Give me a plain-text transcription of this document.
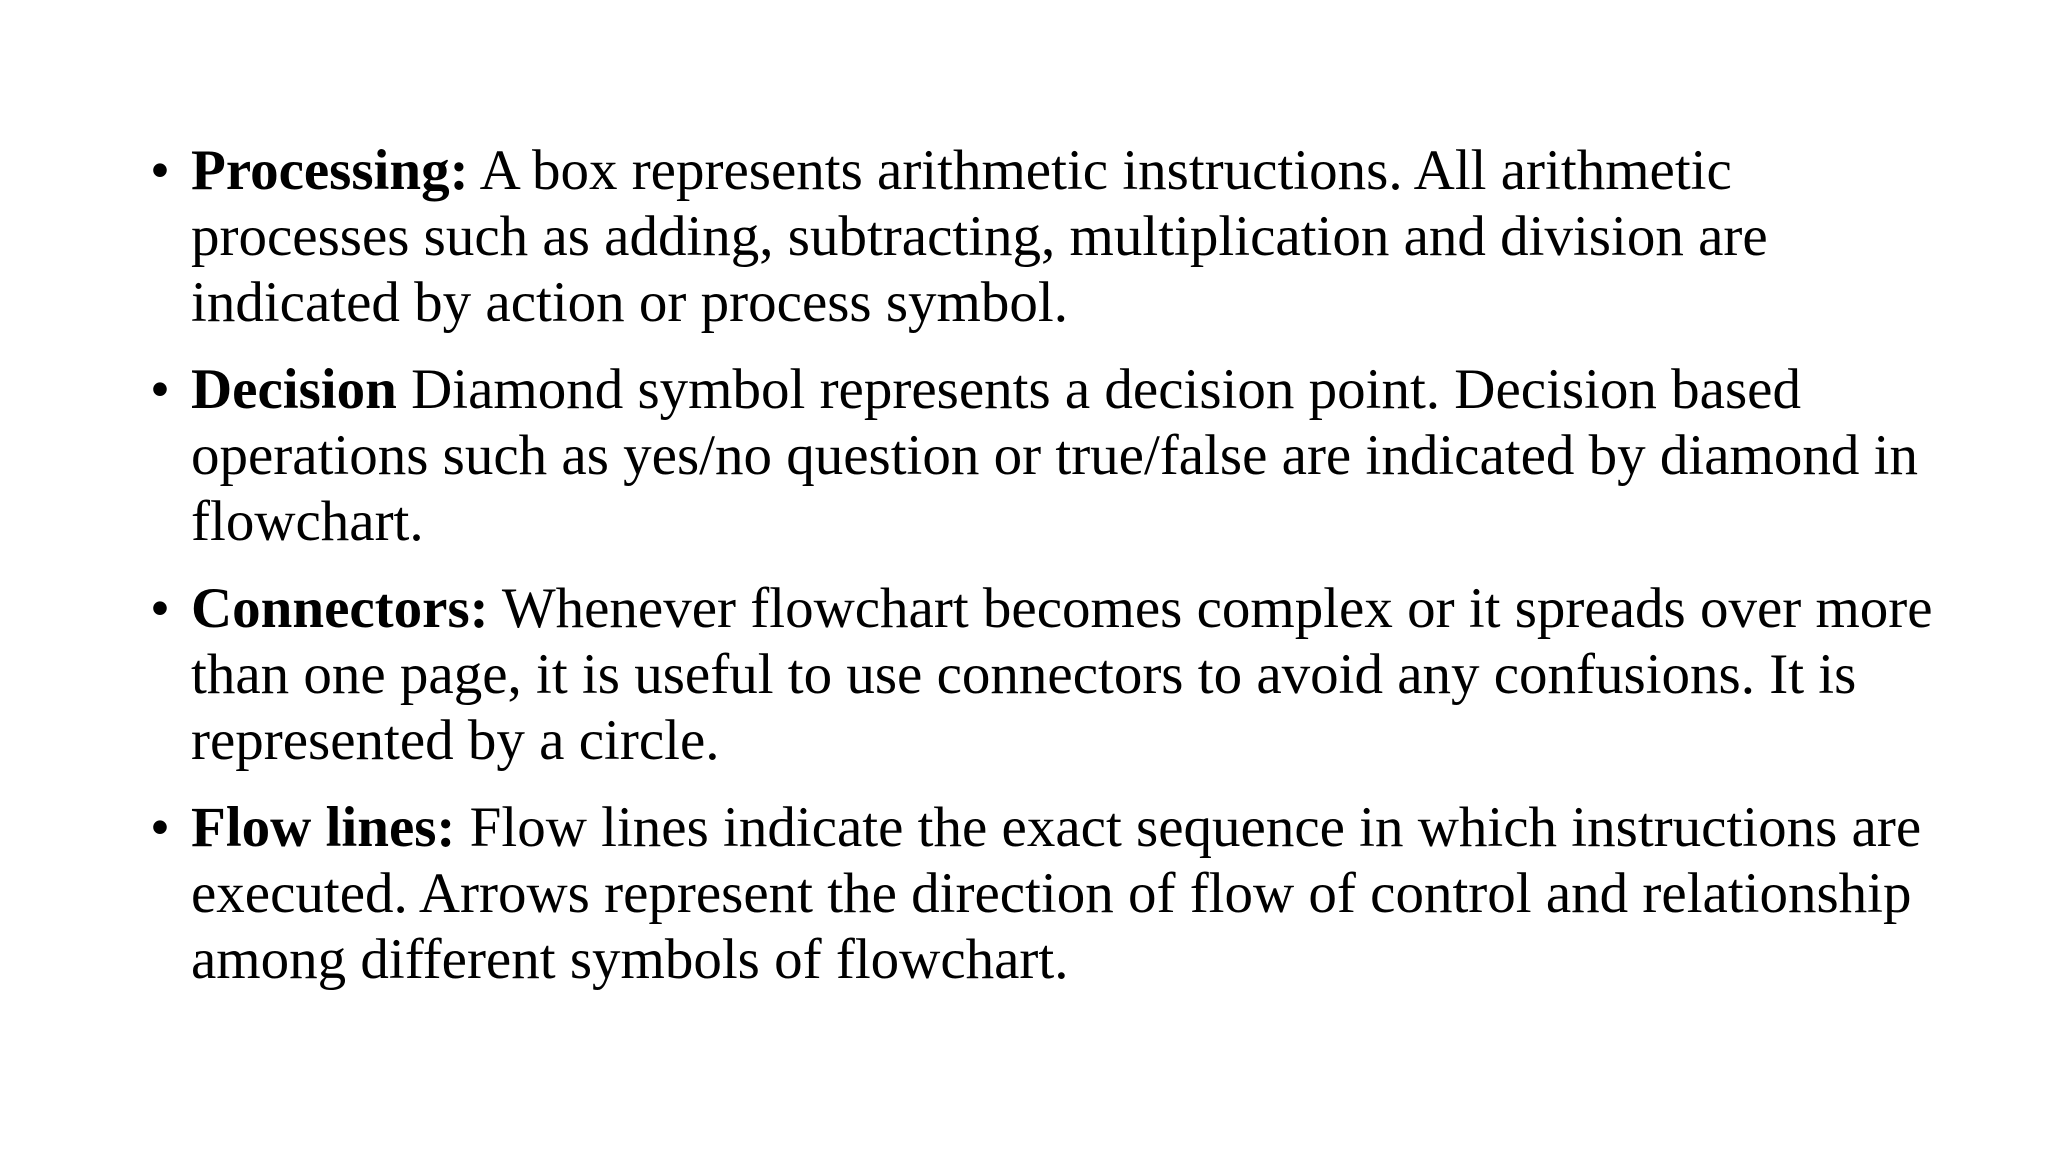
• Processing: A box represents arithmetic instructions. All arithmetic processes such as adding, subtracting, multiplication and division are indicated by action or process symbol.
• Decision Diamond symbol represents a decision point. Decision based operations such as yes/no question or true/false are indicated by diamond in flowchart.
• Connectors: Whenever flowchart becomes complex or it spreads over more than one page, it is useful to use connectors to avoid any confusions. It is represented by a circle.
• Flow lines: Flow lines indicate the exact sequence in which instructions are executed. Arrows represent the direction of flow of control and relationship among different symbols of flowchart.
